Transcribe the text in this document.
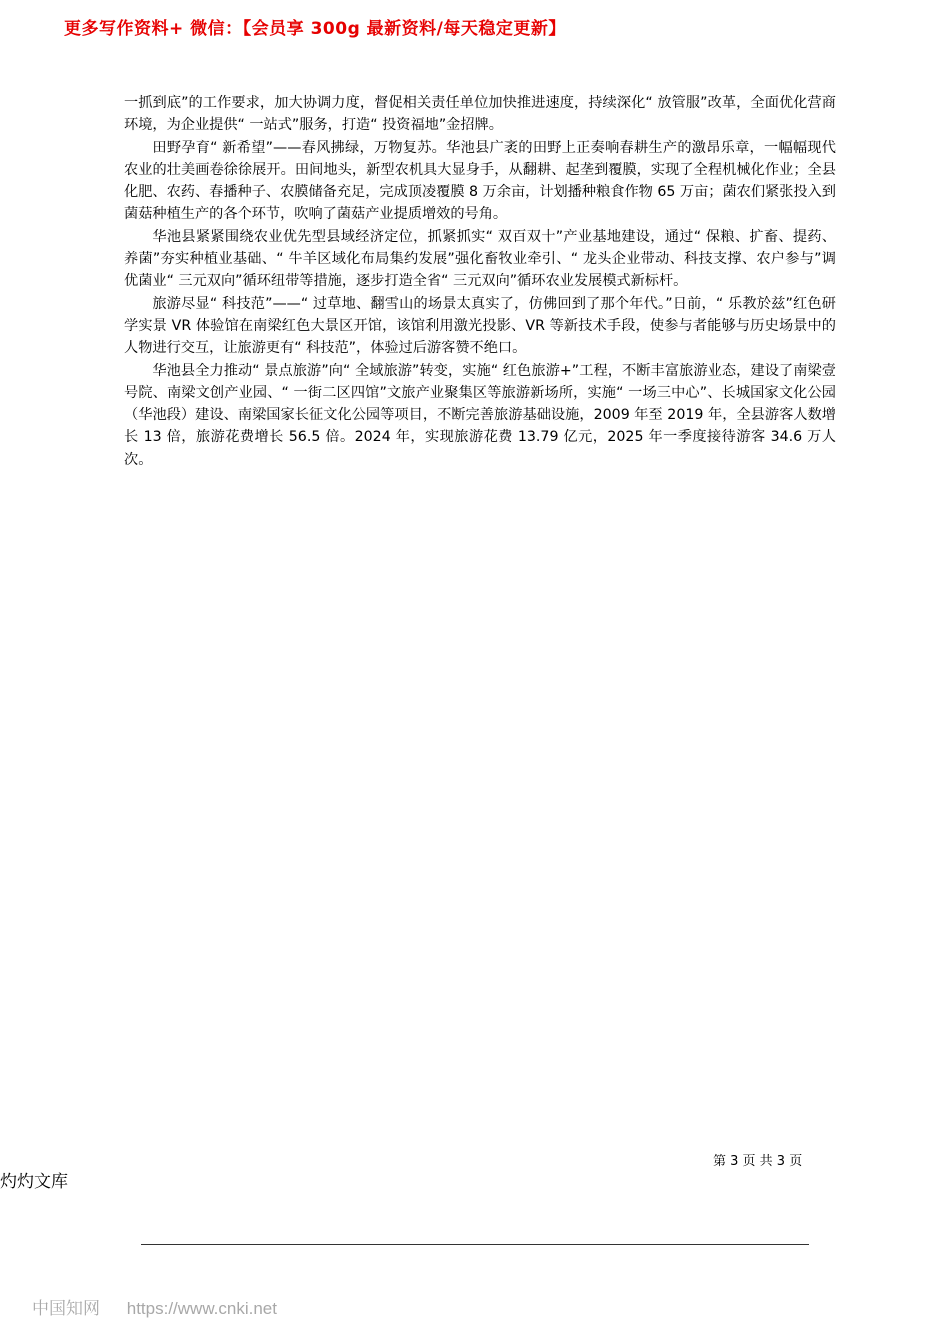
更多写作资料+ 微信：【会员享 300g 最新资料/每天稳定更新】

一抓到底”的工作要求，加大协调力度，督促相关责任单位加快推进速度，持续深化“ 放管服”改革，全面优化营商环境，为企业提供“ 一站式”服务，打造“ 投资福地”金招牌。

田野孕育“ 新希望”——春风拂绿，万物复苏。华池县广袤的田野上正奏响春耕生产的激昂乐章，一幅幅现代农业的壮美画卷徐徐展开。田间地头，新型农机具大显身手，从翻耕、起垄到覆膜，实现了全程机械化作业；全县化肥、农药、春播种子、农膜储备充足，完成顶凌覆膜 8 万余亩，计划播种粮食作物 65 万亩；菌农们紧张投入到菌菇种植生产的各个环节，吹响了菌菇产业提质增效的号角。

华池县紧紧围绕农业优先型县域经济定位，抓紧抓实“ 双百双十”产业基地建设，通过“ 保粮、扩畜、提药、养菌”夯实种植业基础、“ 牛羊区域化布局集约发展”强化畜牧业牵引、“ 龙头企业带动、科技支撑、农户参与”调优菌业“ 三元双向”循环纽带等措施，逐步打造全省“ 三元双向”循环农业发展模式新标杆。

旅游尽显“ 科技范”——“ 过草地、翻雪山的场景太真实了，仿佛回到了那个年代。”日前，“ 乐教於兹”红色研学实景 VR 体验馆在南梁红色大景区开馆，该馆利用激光投影、VR 等新技术手段，使参与者能够与历史场景中的人物进行交互，让旅游更有“ 科技范”，体验过后游客赞不绝口。

华池县全力推动“ 景点旅游”向“ 全域旅游”转变，实施“ 红色旅游+”工程，不断丰富旅游业态，建设了南梁壹号院、南梁文创产业园、“ 一街二区四馆”文旅产业聚集区等旅游新场所，实施“ 一场三中心”、长城国家文化公园（华池段）建设、南梁国家长征文化公园等项目，不断完善旅游基础设施，2009 年至 2019 年，全县游客人数增长 13 倍，旅游花费增长 56.5 倍。2024 年，实现旅游花费 13.79 亿元，2025 年一季度接待游客 34.6 万人次。

第 3 页 共 3 页
灼灼文库
中国知网 https://www.cnki.net
